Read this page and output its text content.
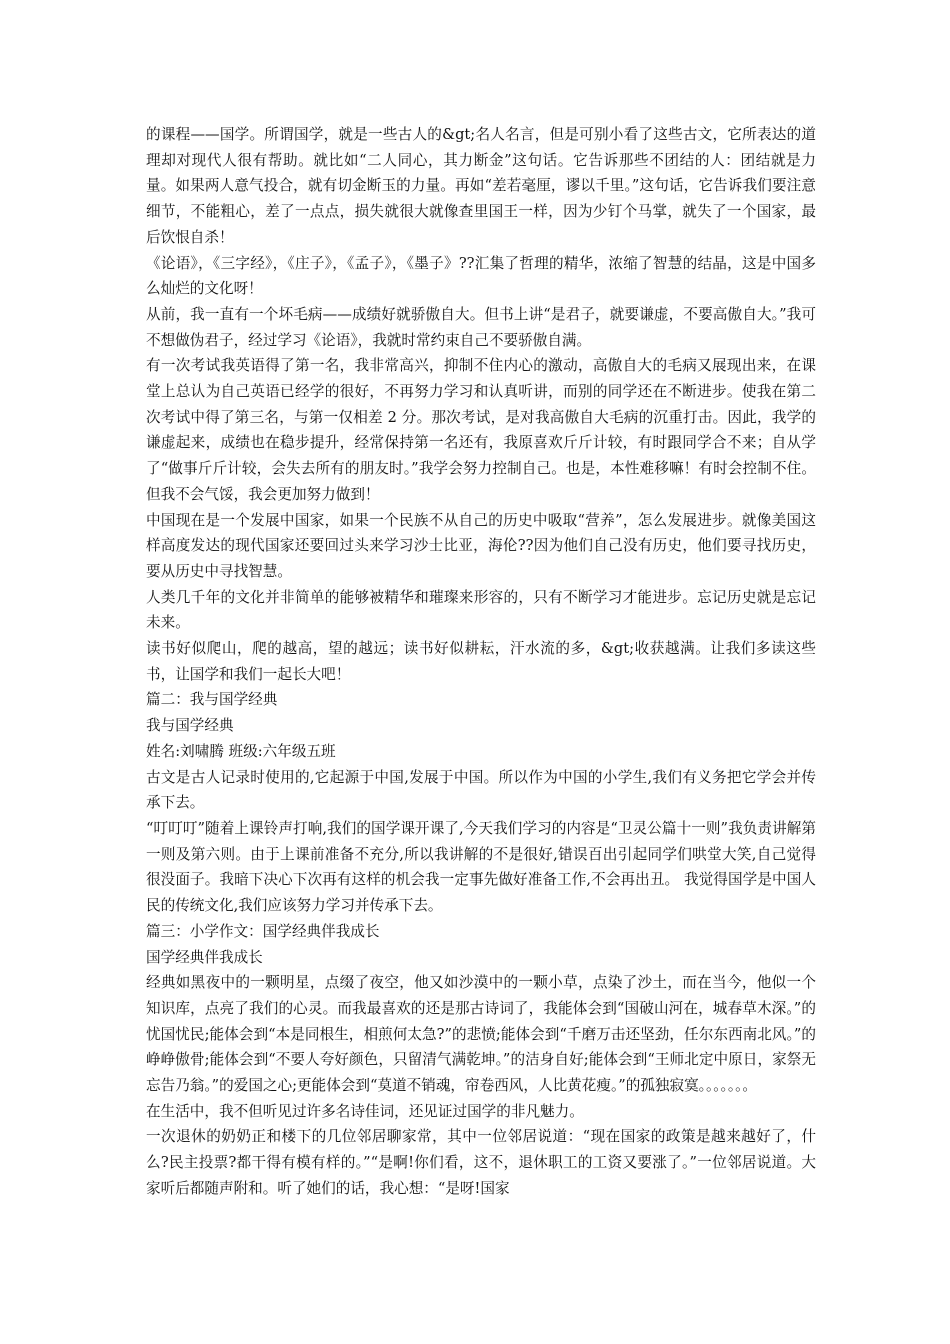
的课程——国学。所谓国学，就是一些古人的&gt;名人名言，但是可别小看了这些古文，它所表达的道理却对现代人很有帮助。就比如“二人同心，其力断金”这句话。它告诉那些不团结的人：团结就是力量。如果两人意气投合，就有切金断玉的力量。再如“差若毫厘，谬以千里。”这句话，它告诉我们要注意细节，不能粗心，差了一点点，损失就很大就像查里国王一样，因为少钉个马掌，就失了一个国家，最后饮恨自杀！

《论语》，《三字经》，《庄子》，《孟子》，《墨子》??汇集了哲理的精华，浓缩了智慧的结晶，这是中国多么灿烂的文化呀！

从前，我一直有一个坏毛病——成绩好就骄傲自大。但书上讲“是君子，就要谦虚，不要高傲自大。”我可不想做伪君子，经过学习《论语》，我就时常约束自己不要骄傲自满。

有一次考试我英语得了第一名，我非常高兴，抑制不住内心的激动，高傲自大的毛病又展现出来，在课堂上总认为自己英语已经学的很好，不再努力学习和认真听讲，而别的同学还在不断进步。使我在第二次考试中得了第三名，与第一仅相差 2 分。那次考试，是对我高傲自大毛病的沉重打击。因此，我学的谦虚起来，成绩也在稳步提升，经常保持第一名还有，我原喜欢斤斤计较，有时跟同学合不来；自从学了“做事斤斤计较，会失去所有的朋友时。”我学会努力控制自己。也是，本性难移嘛！有时会控制不住。但我不会气馁，我会更加努力做到！

中国现在是一个发展中国家，如果一个民族不从自己的历史中吸取“营养”，怎么发展进步。就像美国这样高度发达的现代国家还要回过头来学习沙士比亚，海伦??因为他们自己没有历史，他们要寻找历史，要从历史中寻找智慧。

人类几千年的文化并非简单的能够被精华和璀璨来形容的，只有不断学习才能进步。忘记历史就是忘记未来。

读书好似爬山，爬的越高，望的越远；读书好似耕耘，汗水流的多，&gt;收获越满。让我们多读这些书，让国学和我们一起长大吧！

篇二：我与国学经典

我与国学经典

姓名:刘啸腾 班级:六年级五班

古文是古人记录时使用的,它起源于中国,发展于中国。所以作为中国的小学生,我们有义务把它学会并传承下去。

“叮叮叮”随着上课铃声打响,我们的国学课开课了,今天我们学习的内容是“卫灵公篇十一则”我负责讲解第一则及第六则。由于上课前准备不充分,所以我讲解的不是很好,错误百出引起同学们哄堂大笑,自己觉得很没面子。我暗下决心下次再有这样的机会我一定事先做好准备工作,不会再出丑。 我觉得国学是中国人民的传统文化,我们应该努力学习并传承下去。

篇三：小学作文：国学经典伴我成长

国学经典伴我成长

经典如黑夜中的一颗明星，点缀了夜空，他又如沙漠中的一颗小草，点染了沙土，而在当今，他似一个知识库，点亮了我们的心灵。而我最喜欢的还是那古诗词了，我能体会到“国破山河在，城春草木深。”的忧国忧民;能体会到“本是同根生，相煎何太急?”的悲愤;能体会到“千磨万击还坚劲，任尔东西南北风。”的峥峥傲骨;能体会到“不要人夸好颜色，只留清气满乾坤。”的洁身自好;能体会到“王师北定中原日，家祭无忘告乃翁。”的爱国之心;更能体会到“莫道不销魂，帘卷西风，人比黄花瘦。”的孤独寂寞。。。。。。。

在生活中，我不但听见过许多名诗佳词，还见证过国学的非凡魅力。

一次退休的奶奶正和楼下的几位邻居聊家常，其中一位邻居说道：“现在国家的政策是越来越好了，什么?民主投票?都干得有模有样的。”“是啊!你们看，这不，退休职工的工资又要涨了。”一位邻居说道。大家听后都随声附和。听了她们的话，我心想：“是呀!国家
